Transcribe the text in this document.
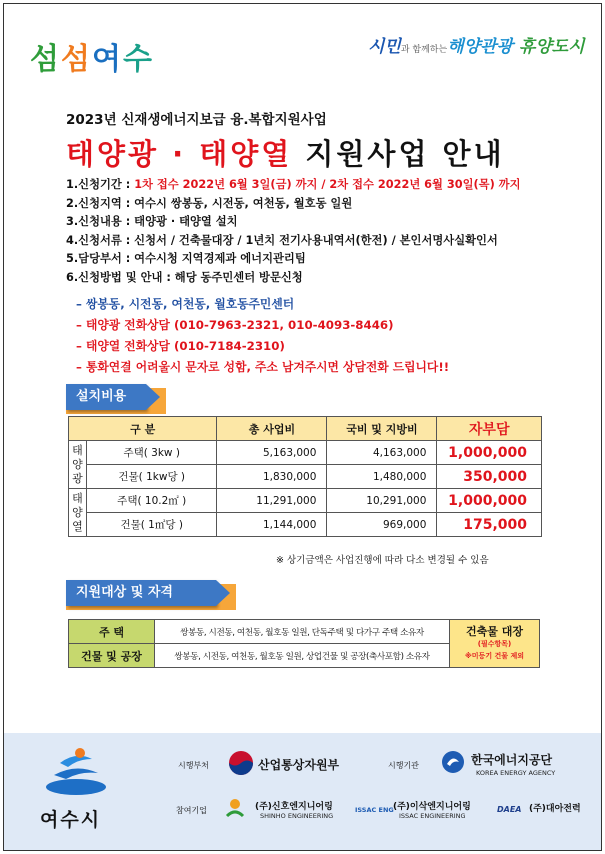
섬섬여수	시민과 함께하는해양관광 휴양도시
2023년 신재생에너지보급 융.복합지원사업
태양광 · 태양열 지원사업 안내
1.신청기간 : 1차 접수 2022년 6월 3일(금) 까지 / 2차 접수 2022년 6월 30일(목) 까지
2.신청지역 : 여수시 쌍봉동, 시전동, 여천동, 월호동 일원
3.신청내용 : 태양광 · 태양열 설치
4.신청서류 : 신청서 / 건축물대장 / 1년치 전기사용내역서(한전) / 본인서명사실확인서
5.담당부서 : 여수시청 지역경제과 에너지관리팀
6.신청방법 및 안내 : 해당 동주민센터 방문신청
– 쌍봉동, 시전동, 여천동, 월호동주민센터
– 태양광 전화상담 (010-7963-2321, 010-4093-8446)
– 태양열 전화상담 (010-7184-2310)
– 통화연결 어려울시 문자로 성함, 주소 남겨주시면 상담전화 드립니다!!
설치비용
구 분		총 사업비	국비 및 지방비	자부담

태
양
광	주택( 3kw )	5,163,000	4,163,000	1,000,000
	건물( 1kw당 )	1,830,000	1,480,000	350,000

태
양
열	주택( 10.2㎡ )	11,291,000	10,291,000	1,000,000
	건물( 1㎡당 )	1,144,000	969,000	175,000
※ 상기금액은 사업진행에 따라 다소 변경될 수 있음
지원대상 및 자격
주 택	쌍봉동, 시전동, 여천동, 월호동 일원, 단독주택 및 다가구 주택 소유자	건축물 대장
(필수항목)
※미등기 건물 제외

건물 및 공장	쌍봉동, 시전동, 여천동, 월호동 일원, 상업건물 및 공장(축사포함) 소유자	
여수시
시행부처	산업통상자원부	시행기관	한국에너지공단
KOREA ENERGY AGENCY
참여기업	(주)신호엔지니어링
SHINHO ENGINEERING
ISSAC ENG (주)이삭엔지니어링
ISSAC ENGINEERING
DAEA (주)대아전력
